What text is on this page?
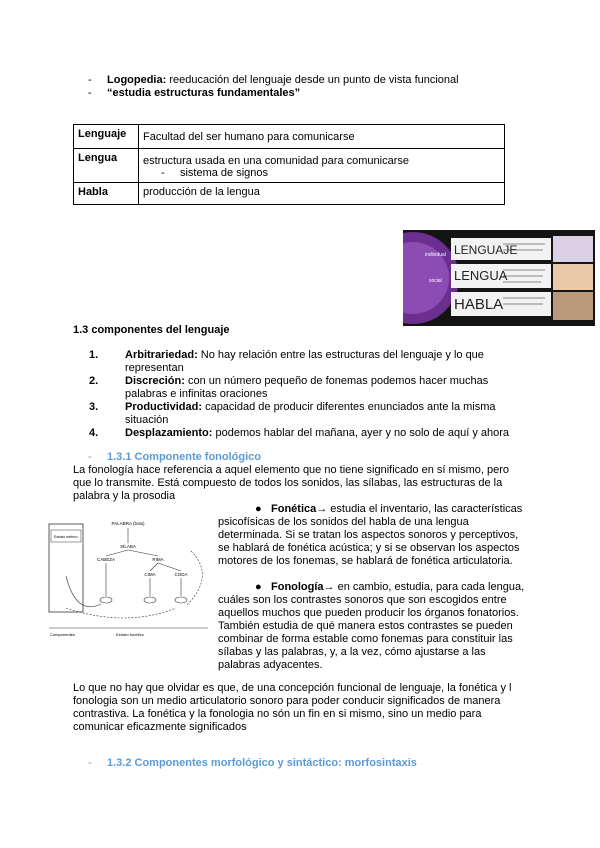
- Logopedia: reeducación del lenguaje desde un punto de vista funcional
- “estudia estructuras fundamentales”
Lenguaje	Facultad del ser humano para comunicarse
Lengua	estructura usada en una comunidad para comunicarse
-     sistema de signos

Habla	producción de la lengua
individual
social
LENGUAJE
LENGUA
HABLA
1.3 componentes del lenguaje
1.	Arbitrariedad: No hay relación entre las estructuras del lenguaje y lo que representan
2.	Discreción: con un número pequeño de fonemas podemos hacer muchas palabras e infinitas oraciones
3.	Productividad: capacidad de producir diferentes enunciados ante la misma situación
4.	Desplazamiento: podemos hablar del mañana, ayer y no solo de aquí y ahora
- 1.3.1 Componente fonológico
La fonología hace referencia a aquel elemento que no tiene significado en sí mismo, pero que lo transmite. Está compuesto de todos los sonidos, las sílabas, las estructuras de la palabra y la prosodia
PALABRA (bola)
Estrato métrico
SÍLABA
CABEZA	RIMA
CIMA	CODA
Componentes	Estrato fonético
● Fonética→ estudia el inventario, las características psicofísicas de los sonidos del habla de una lengua determinada. Si se tratan los aspectos sonoros y perceptivos, se hablará de fonética acústica; y si se observan los aspectos motores de los fonemas, se hablará de fonética articulatoria.
● Fonología→ en cambio, estudia, para cada lengua, cuáles son los contrastes sonoros que son escogidos entre aquellos muchos que pueden producir los órganos fonatorios. También estudia de qué manera estos contrastes se pueden combinar de forma estable como fonemas para constituir las sílabas y las palabras, y, a la vez, cómo ajustarse a las palabras adyacentes.
Lo que no hay que olvidar es que, de una concepción funcional de lenguaje, la fonética y l fonologia son un medio articulatorio sonoro para poder conducir significados de manera contrastiva. La fonética y la fonologia no són un fin en si mismo, sino un medio para comunicar eficazmente significados
- 1.3.2 Componentes morfológico y sintáctico: morfosintaxis
